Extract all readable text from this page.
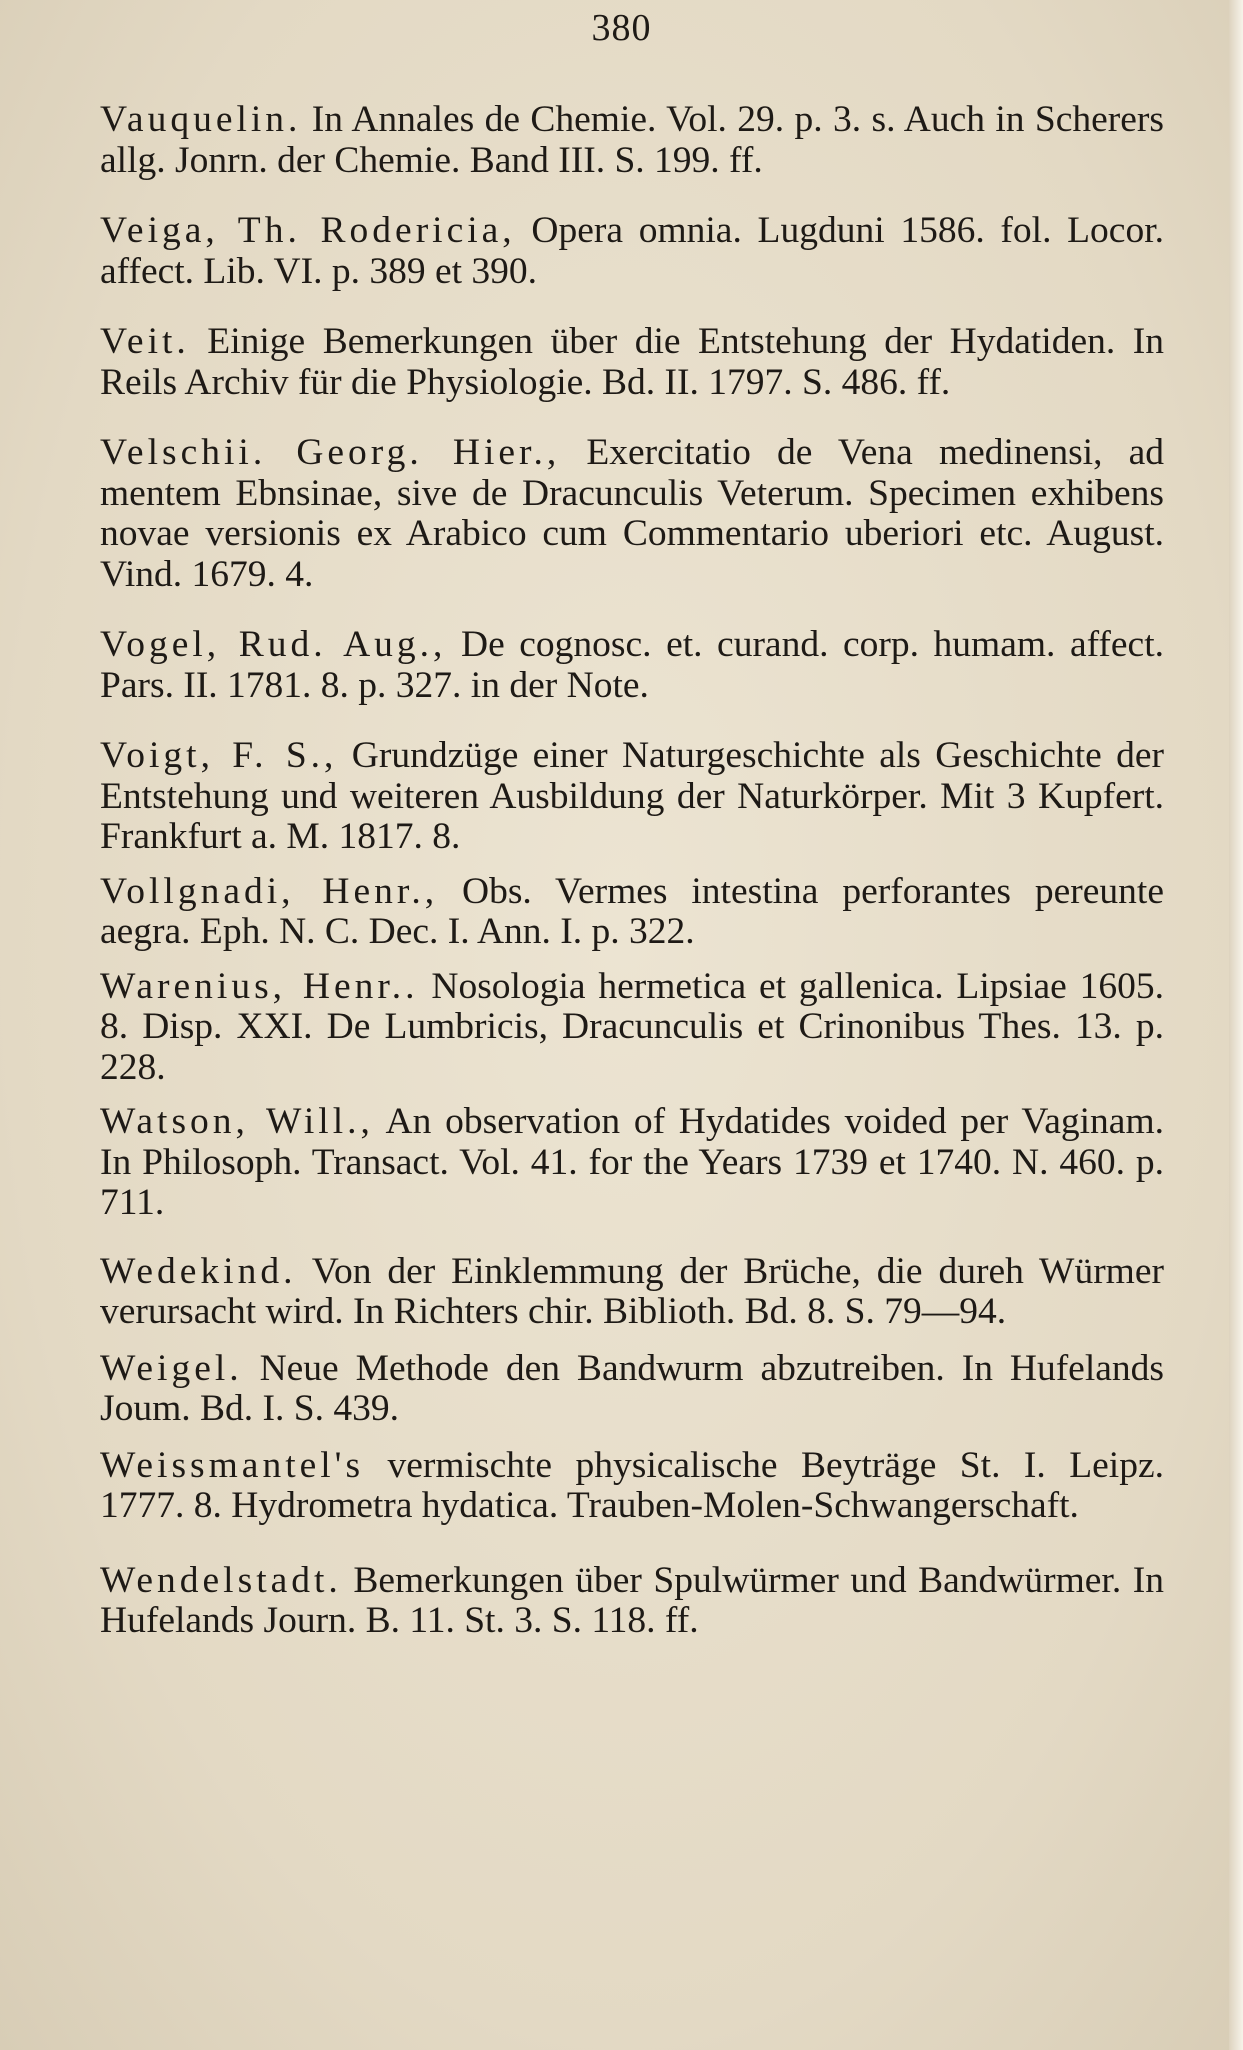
380

Vauquelin. In Annales de Chemie. Vol. 29. p. 3. s. Auch in Scherers allg. Jonrn. der Chemie. Band III. S. 199. ff.

Veiga, Th. Rodericia, Opera omnia. Lugduni 1586. fol. Locor. affect. Lib. VI. p. 389 et 390.

Veit. Einige Bemerkungen über die Entstehung der Hydatiden. In Reils Archiv für die Physiologie. Bd. II. 1797. S. 486. ff.

Velschii. Georg. Hier., Exercitatio de Vena medinensi, ad mentem Ebnsinae, sive de Dracunculis Veterum. Specimen exhibens novae versionis ex Arabico cum Commentario uberiori etc. August. Vind. 1679. 4.

Vogel, Rud. Aug., De cognosc. et. curand. corp. humam. affect. Pars. II. 1781. 8. p. 327. in der Note.

Voigt, F. S., Grundzüge einer Naturgeschichte als Geschichte der Entstehung und weiteren Ausbildung der Naturkörper. Mit 3 Kupfert. Frankfurt a. M. 1817. 8.

Vollgnadi, Henr., Obs. Vermes intestina perforantes pereunte aegra. Eph. N. C. Dec. I. Ann. I. p. 322.

Warenius, Henr.. Nosologia hermetica et gallenica. Lipsiae 1605. 8. Disp. XXI. De Lumbricis, Dracunculis et Crinonibus Thes. 13. p. 228.

Watson, Will., An observation of Hydatides voided per Vaginam. In Philosoph. Transact. Vol. 41. for the Years 1739 et 1740. N. 460. p. 711.

Wedekind. Von der Einklemmung der Brüche, die dureh Würmer verursacht wird. In Richters chir. Biblioth. Bd. 8. S. 79—94.

Weigel. Neue Methode den Bandwurm abzutreiben. In Hufelands Joum. Bd. I. S. 439.

Weissmantel's vermischte physicalische Beyträge St. I. Leipz. 1777. 8. Hydrometra hydatica. Trauben-Molen-Schwangerschaft.

Wendelstadt. Bemerkungen über Spulwürmer und Bandwürmer. In Hufelands Journ. B. 11. St. 3. S. 118. ff.
